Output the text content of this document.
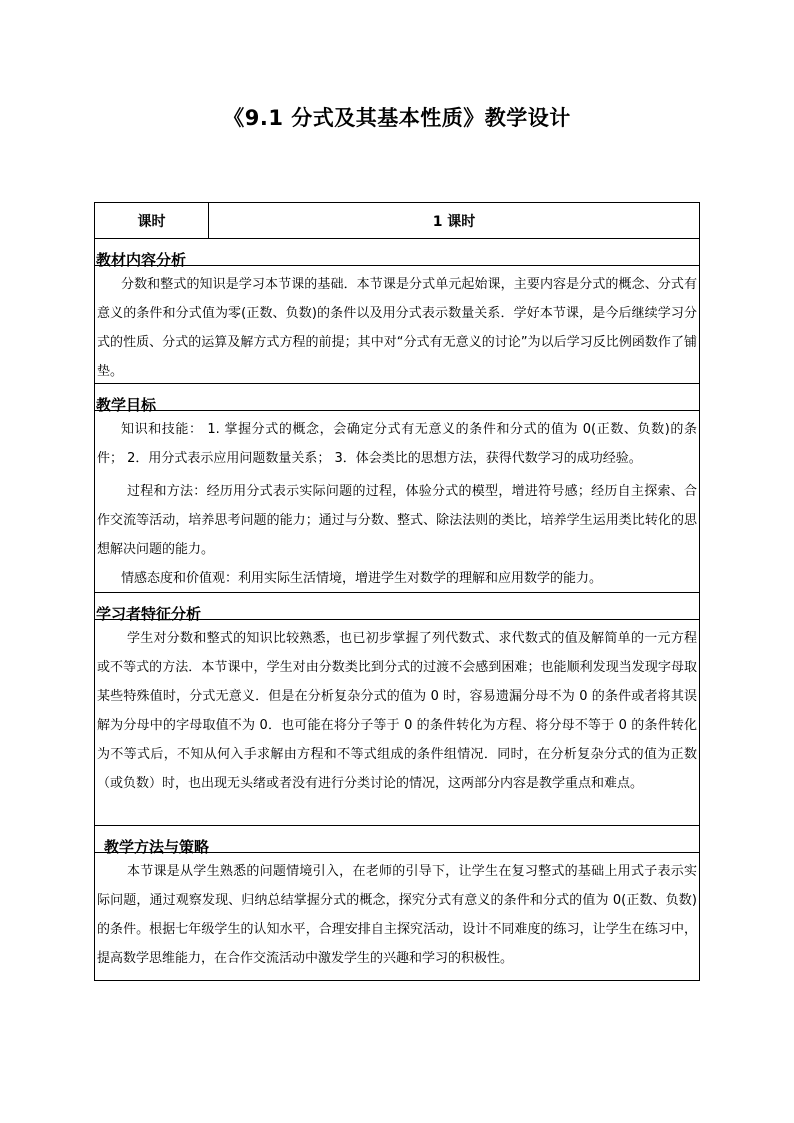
《9.1 分式及其基本性质》教学设计
课时	1 课时
教材内容分析

分数和整式的知识是学习本节课的基础．本节课是分式单元起始课，主要内容是分式的概念、分式有意义的条件和分式值为零(正数、负数)的条件以及用分式表示数量关系．学好本节课，是今后继续学习分式的性质、分式的运算及解方式方程的前提；其中对“分式有无意义的讨论”为以后学习反比例函数作了铺垫。

教学目标

知识和技能： 1. 掌握分式的概念，会确定分式有无意义的条件和分式的值为 0(正数、负数)的条件； 2．用分式表示应用问题数量关系； 3．体会类比的思想方法，获得代数学习的成功经验。

过程和方法：经历用分式表示实际问题的过程，体验分式的模型，增进符号感；经历自主探索、合作交流等活动，培养思考问题的能力；通过与分数、整式、除法法则的类比，培养学生运用类比转化的思想解决问题的能力。

情感态度和价值观：利用实际生活情境，增进学生对数学的理解和应用数学的能力。

学习者特征分析

学生对分数和整式的知识比较熟悉，也已初步掌握了列代数式、求代数式的值及解简单的一元方程或不等式的方法．本节课中，学生对由分数类比到分式的过渡不会感到困难；也能顺利发现当发现字母取某些特殊值时，分式无意义．但是在分析复杂分式的值为 0 时，容易遗漏分母不为 0 的条件或者将其误解为分母中的字母取值不为 0．也可能在将分子等于 0 的条件转化为方程、将分母不等于 0 的条件转化为不等式后，不知从何入手求解由方程和不等式组成的条件组情况．同时，在分析复杂分式的值为正数（或负数）时，也出现无头绪或者没有进行分类讨论的情况，这两部分内容是教学重点和难点。

教学方法与策略

本节课是从学生熟悉的问题情境引入，在老师的引导下，让学生在复习整式的基础上用式子表示实际问题，通过观察发现、归纳总结掌握分式的概念，探究分式有意义的条件和分式的值为 0(正数、负数)的条件。根据七年级学生的认知水平，合理安排自主探究活动，设计不同难度的练习，让学生在练习中，提高数学思维能力，在合作交流活动中激发学生的兴趣和学习的积极性。
